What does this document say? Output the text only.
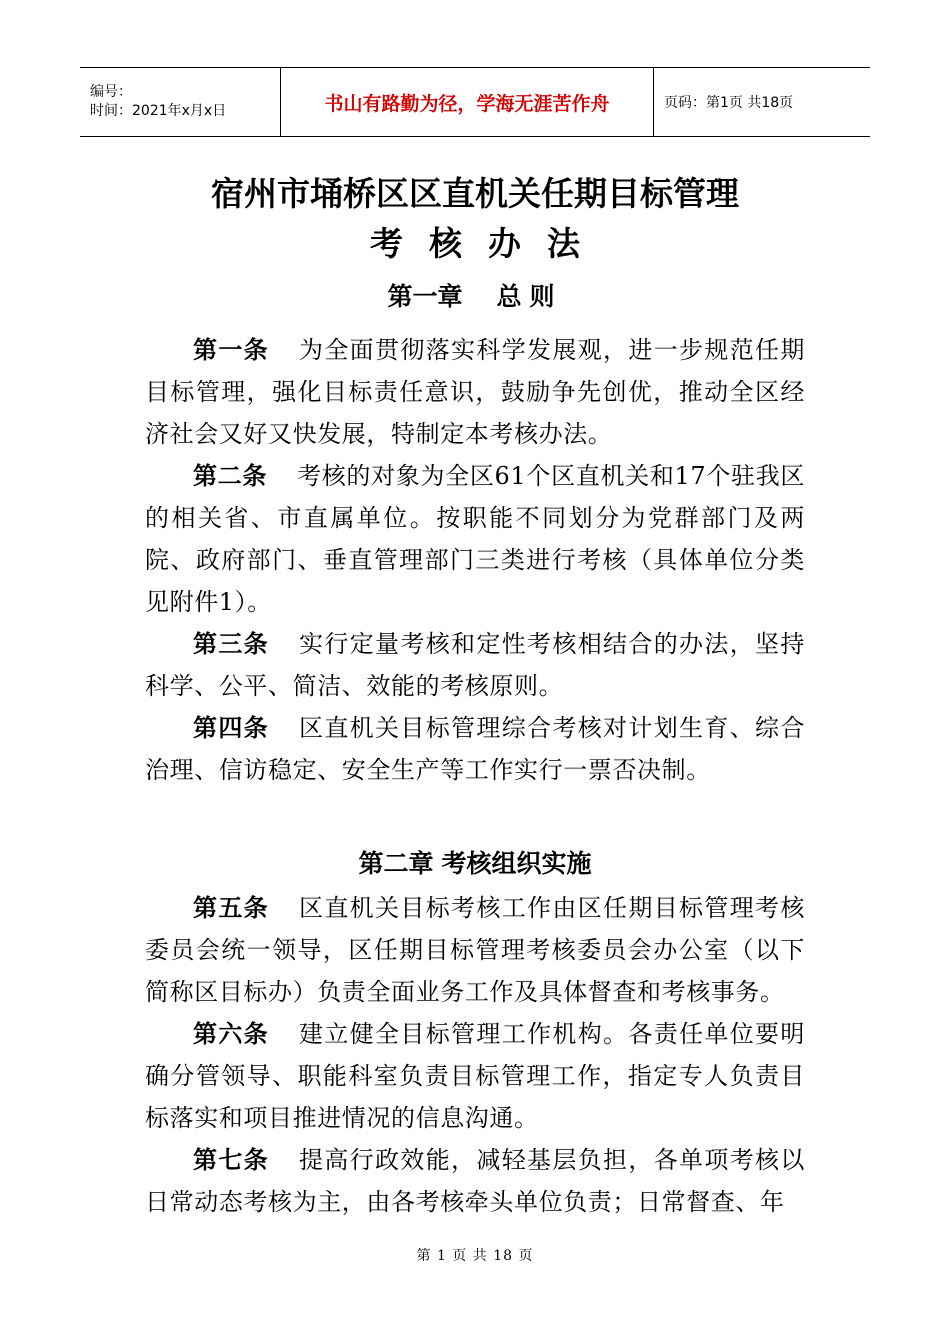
编号：
时间：2021年x月x日	书山有路勤为径，学海无涯苦作舟	页码：第1页 共18页
宿州市埇桥区区直机关任期目标管理
考核办法
第一章 总则

第一条 为全面贯彻落实科学发展观，进一步规范任期目标管理，强化目标责任意识，鼓励争先创优，推动全区经济社会又好又快发展，特制定本考核办法。

第二条 考核的对象为全区61个区直机关和17个驻我区的相关省、市直属单位。按职能不同划分为党群部门及两院、政府部门、垂直管理部门三类进行考核（具体单位分类见附件1）。

第三条 实行定量考核和定性考核相结合的办法，坚持科学、公平、简洁、效能的考核原则。

第四条 区直机关目标管理综合考核对计划生育、综合治理、信访稳定、安全生产等工作实行一票否决制。

第二章 考核组织实施

第五条 区直机关目标考核工作由区任期目标管理考核委员会统一领导，区任期目标管理考核委员会办公室（以下简称区目标办）负责全面业务工作及具体督查和考核事务。

第六条 建立健全目标管理工作机构。各责任单位要明确分管领导、职能科室负责目标管理工作，指定专人负责目标落实和项目推进情况的信息沟通。

第七条 提高行政效能，减轻基层负担，各单项考核以日常动态考核为主，由各考核牵头单位负责；日常督查、年

第 1 页 共 18 页
